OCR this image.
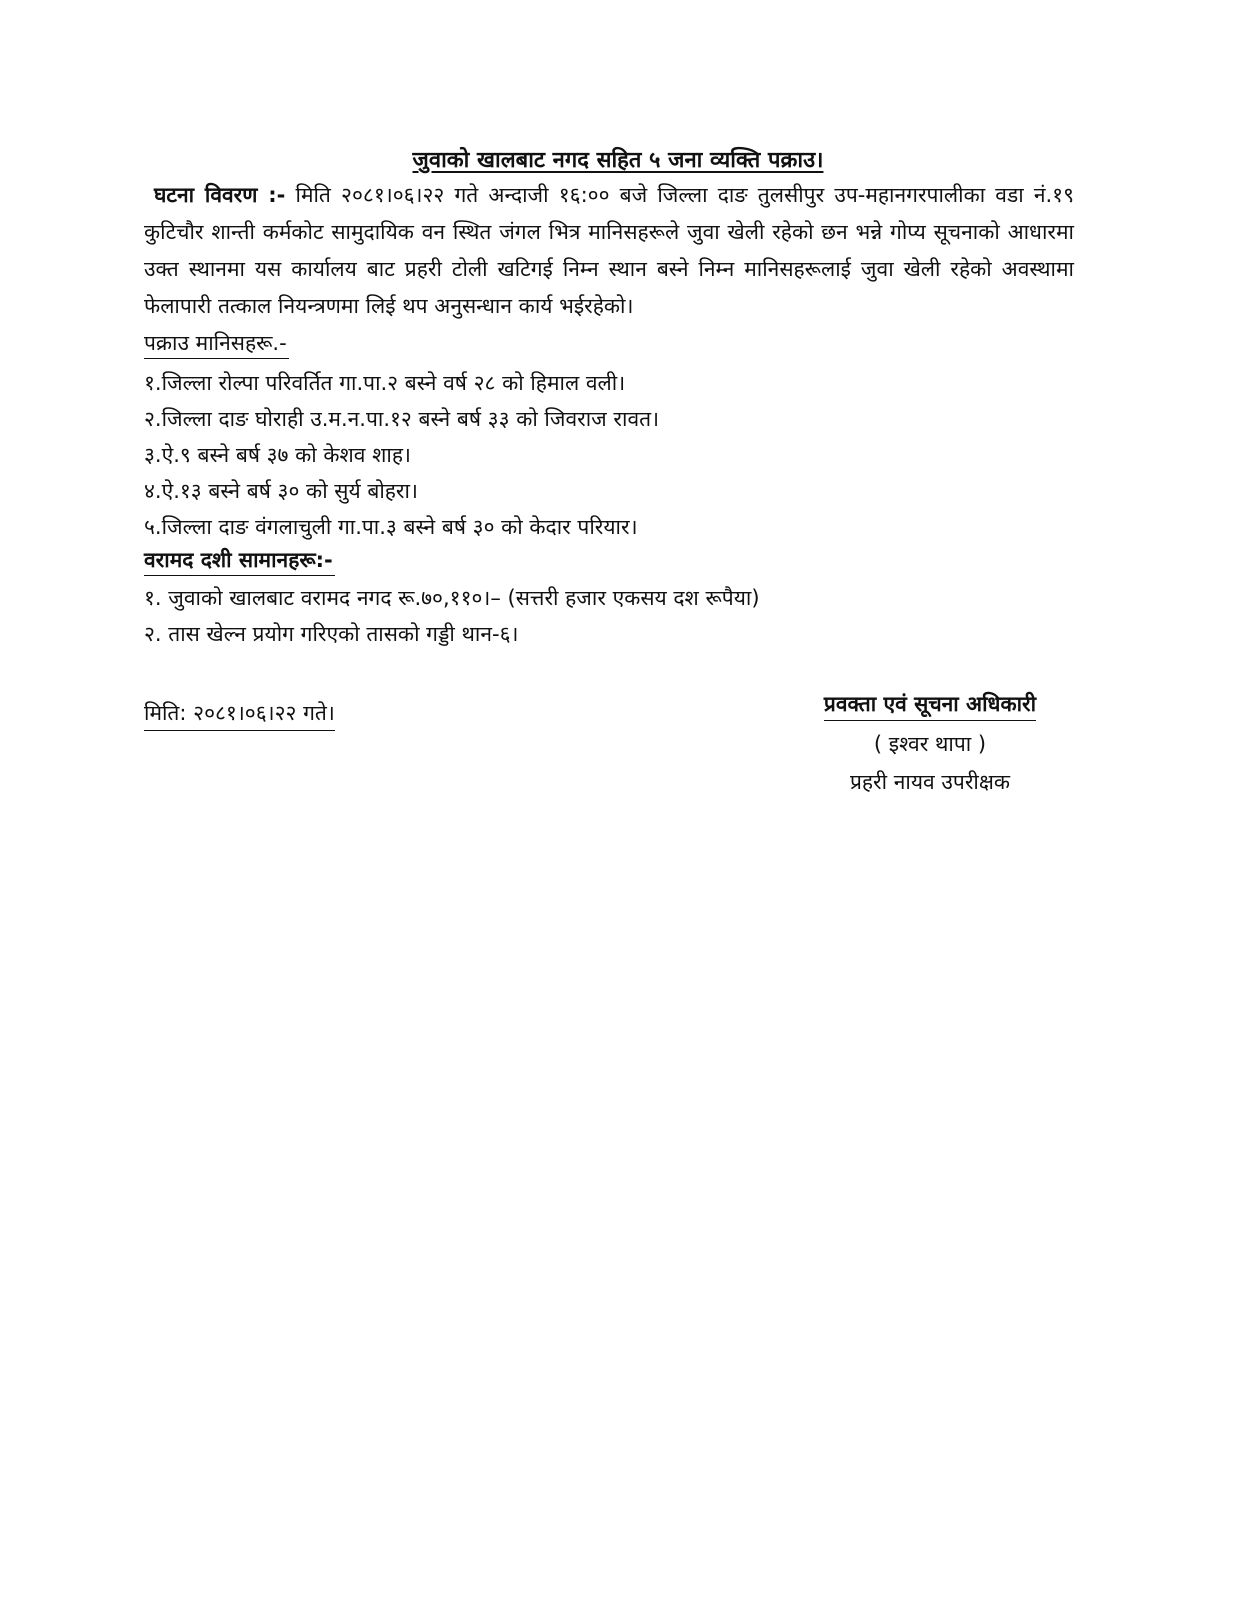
जुवाको खालबाट नगद सहित ५ जना व्यक्ति पक्राउ।
घटना विवरण :- मिति २०८१।०६।२२ गते अन्दाजी १६:०० बजे जिल्ला दाङ तुलसीपुर उप-महानगरपालीका वडा नं.१९ कुटिचौर शान्ती कर्मकोट सामुदायिक वन स्थित जंगल भित्र मानिसहरूले जुवा खेली रहेको छन भन्ने गोप्य सूचनाको आधारमा उक्त स्थानमा यस कार्यालय बाट प्रहरी टोली खटिगई निम्न स्थान बस्ने निम्न मानिसहरूलाई जुवा खेली रहेको अवस्थामा फेलापारी तत्काल नियन्त्रणमा लिई थप अनुसन्धान कार्य भईरहेको।
पक्राउ मानिसहरू.-
१.जिल्ला रोल्पा परिवर्तित गा.पा.२ बस्ने वर्ष २८ को हिमाल वली।
२.जिल्ला दाङ घोराही उ.म.न.पा.१२ बस्ने बर्ष ३३ को जिवराज रावत।
३.ऐ.९ बस्ने बर्ष ३७ को केशव शाह।
४.ऐ.१३ बस्ने बर्ष ३० को सुर्य बोहरा।
५.जिल्ला दाङ वंगलाचुली गा.पा.३ बस्ने बर्ष ३० को केदार परियार।
वरामद दशी सामानहरू:-
१. जुवाको खालबाट वरामद नगद रू.७०,११०।– (सत्तरी हजार एकसय दश रूपैया)
२. तास खेल्न प्रयोग गरिएको तासको गड्डी थान-६।
मिति: २०८१।०६।२२ गते।	प्रवक्ता एवं सूचना अधिकारी
( इश्वर थापा )
प्रहरी नायव उपरीक्षक
